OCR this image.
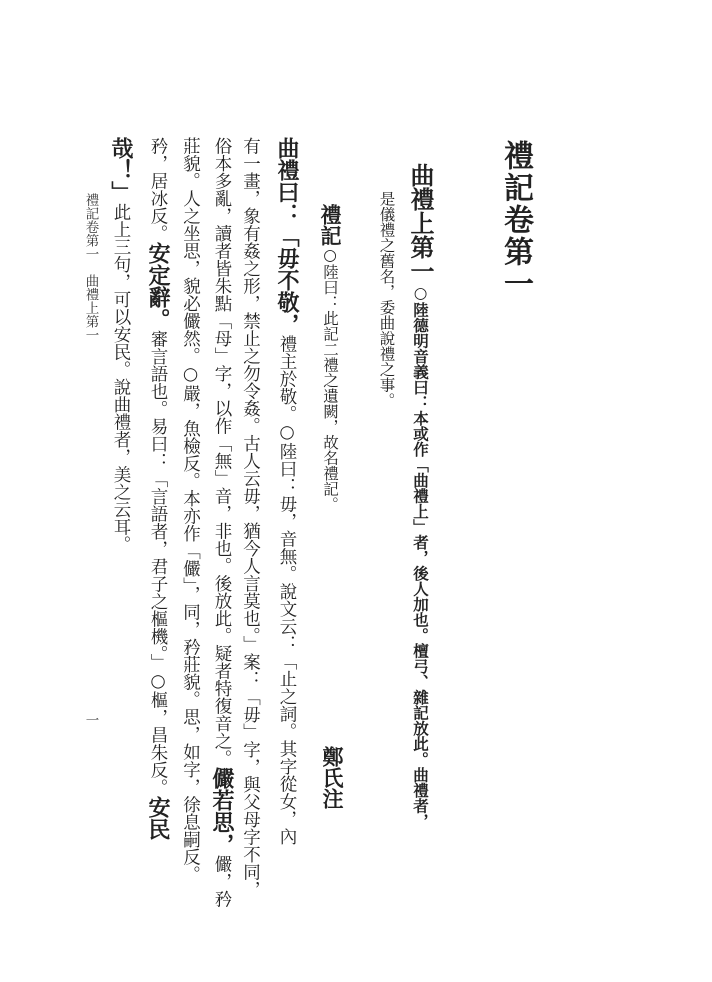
禮記卷第一
曲禮上第一○陸德明音義曰：本或作「曲禮上」者，後人加也。檀弓、雜記放此。曲禮者，
是儀禮之舊名，委曲說禮之事。
禮記○陸曰：此記二禮之遺闕，故名禮記。
鄭氏注
曲禮曰：「毋不敬，禮主於敬。○陸曰：毋，音無。說文云：「止之詞。其字從女，內
有一畫，象有姦之形，禁止之勿令姦。古人云毋，猶今人言莫也。」案：「毋」字，與父母字不同，
俗本多亂，讀者皆朱點「母」字，以作「無」音，非也。後放此。疑者特復音之。儼若思，儼，矜
莊貌。人之坐思，貌必儼然。○嚴，魚檢反。本亦作「儼」，同，矜莊貌。思，如字，徐息嗣反。
矜，居冰反。安定辭。審言語也。易曰：「言語者，君子之樞機。」○樞，昌朱反。安民
哉！」此上三句，可以安民。說曲禮者，美之云耳。
禮記卷第一　曲禮上第一
一
